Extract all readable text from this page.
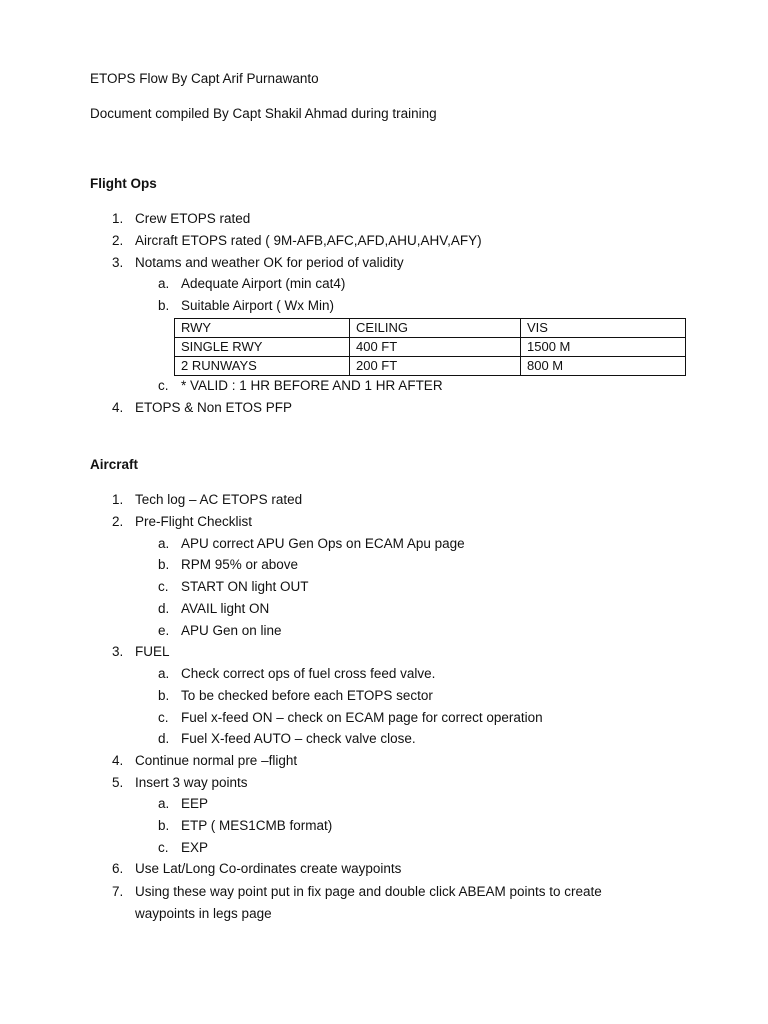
ETOPS Flow By Capt Arif Purnawanto
Document compiled By Capt Shakil Ahmad during training
Flight Ops
1. Crew ETOPS rated
2. Aircraft ETOPS rated ( 9M-AFB,AFC,AFD,AHU,AHV,AFY)
3. Notams and weather OK for period of validity
a. Adequate Airport (min cat4)
b. Suitable Airport ( Wx Min)
RWY	CEILING	VIS
SINGLE RWY	400 FT	1500 M
2 RUNWAYS	200 FT	800 M
c. * VALID : 1 HR BEFORE AND 1 HR AFTER
4. ETOPS & Non ETOS PFP
Aircraft
1. Tech log – AC ETOPS rated
2. Pre-Flight Checklist
a. APU correct APU Gen Ops on ECAM Apu page
b. RPM 95% or above
c. START ON light OUT
d. AVAIL light ON
e. APU Gen on line
3. FUEL
a. Check correct ops of fuel cross feed valve.
b. To be checked before each ETOPS sector
c. Fuel x-feed ON – check on ECAM page for correct operation
d. Fuel X-feed AUTO – check valve close.
4. Continue normal pre –flight
5. Insert 3 way points
a. EEP
b. ETP ( MES1CMB format)
c. EXP
6. Use Lat/Long Co-ordinates create waypoints
7. Using these way point put in fix page and double click ABEAM points to create
waypoints in legs page
